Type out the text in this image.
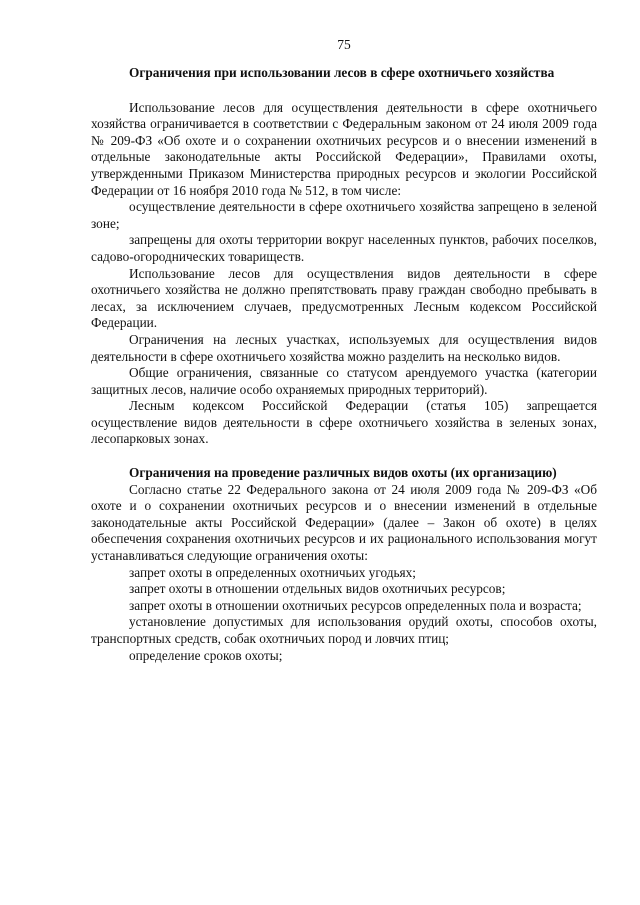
75

Ограничения при использовании лесов в сфере охотничьего хозяйства

Использование лесов для осуществления деятельности в сфере охотничьего хозяйства ограничивается в соответствии с Федеральным законом от 24 июля 2009 года № 209-ФЗ «Об охоте и о сохранении охотничьих ресурсов и о внесении изменений в отдельные законодательные акты Российской Федерации», Правилами охоты, утвержденными Приказом Министерства природных ресурсов и экологии Российской Федерации от 16 ноября 2010 года № 512, в том числе:

осуществление деятельности в сфере охотничьего хозяйства запрещено в зеленой зоне;

запрещены для охоты территории вокруг населенных пунктов, рабочих поселков, садово-огороднических товариществ.

Использование лесов для осуществления видов деятельности в сфере охотничьего хозяйства не должно препятствовать праву граждан свободно пребывать в лесах, за исключением случаев, предусмотренных Лесным кодексом Российской Федерации.

Ограничения на лесных участках, используемых для осуществления видов деятельности в сфере охотничьего хозяйства можно разделить на несколько видов.

Общие ограничения, связанные со статусом арендуемого участка (категории защитных лесов, наличие особо охраняемых природных территорий).

Лесным кодексом Российской Федерации (статья 105) запрещается осуществление видов деятельности в сфере охотничьего хозяйства в зеленых зонах, лесопарковых зонах.

Ограничения на проведение различных видов охоты (их организацию)

Согласно статье 22 Федерального закона от 24 июля 2009 года № 209-ФЗ «Об охоте и о сохранении охотничьих ресурсов и о внесении изменений в отдельные законодательные акты Российской Федерации» (далее – Закон об охоте) в целях обеспечения сохранения охотничьих ресурсов и их рационального использования могут устанавливаться следующие ограничения охоты:

запрет охоты в определенных охотничьих угодьях;

запрет охоты в отношении отдельных видов охотничьих ресурсов;

запрет охоты в отношении охотничьих ресурсов определенных пола и возраста;

установление допустимых для использования орудий охоты, способов охоты, транспортных средств, собак охотничьих пород и ловчих птиц;

определение сроков охоты;
